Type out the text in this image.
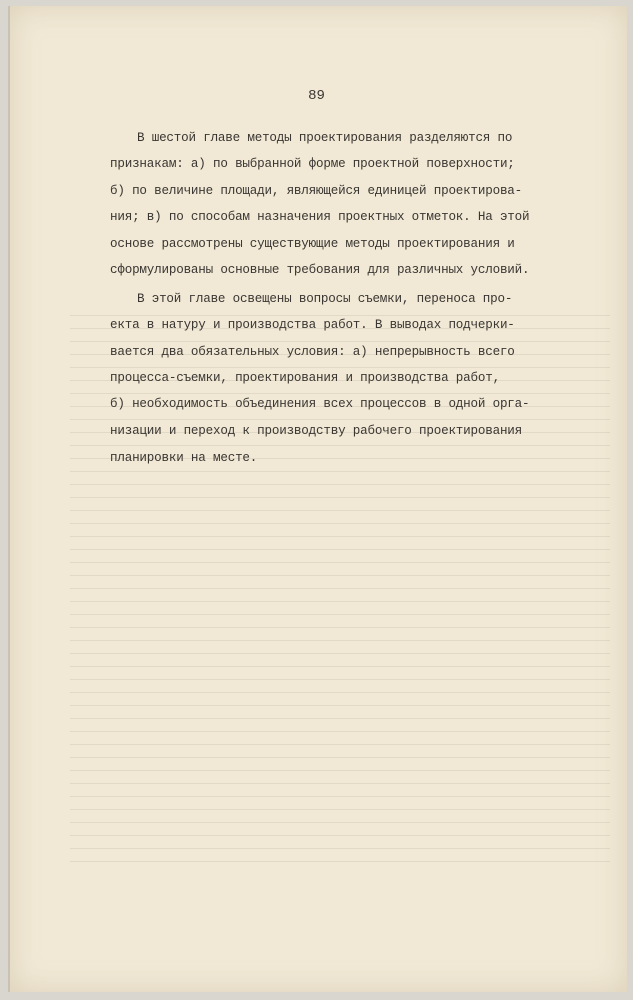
89
В шестой главе методы проектирования разделяются по
признакам: а) по выбранной форме проектной поверхности;
б) по величине площади, являющейся единицей проектирова-
ния; в) по способам назначения проектных отметок. На этой
основе рассмотрены существующие методы проектирования и
сформулированы основные требования для различных условий.
В этой главе освещены вопросы съемки, переноса про-
екта в натуру и производства работ. В выводах подчерки-
вается два обязательных условия: а) непрерывность всего
процесса-съемки, проектирования и производства работ,
б) необходимость объединения всех процессов в одной орга-
низации и переход к производству рабочего проектирования
планировки на месте.
